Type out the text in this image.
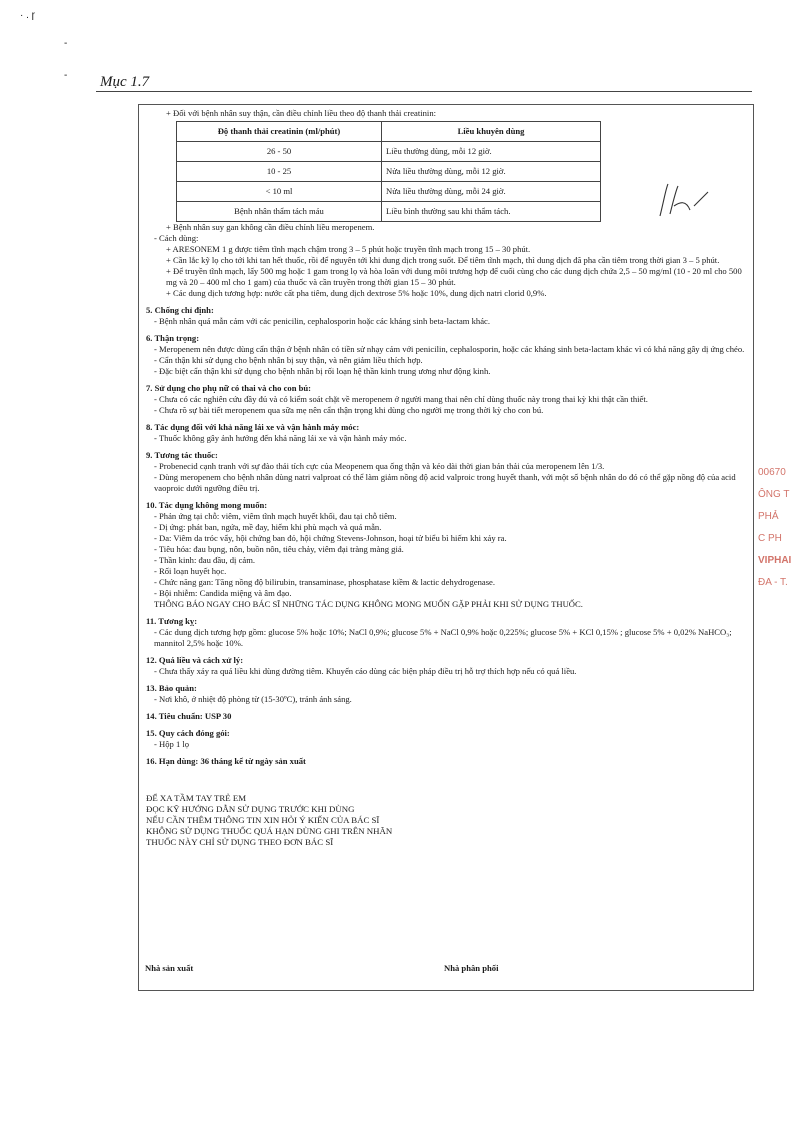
· . ɼ
-
- Mục 1.7
+ Đối với bệnh nhân suy thận, cần điều chỉnh liều theo độ thanh thải creatinin:
Độ thanh thải creatinin (ml/phút)	Liều khuyên dùng
26 - 50	Liều thường dùng, mỗi 12 giờ.
10 - 25	Nửa liều thường dùng, mỗi 12 giờ.
< 10 ml	Nửa liều thường dùng, mỗi 24 giờ.
Bệnh nhân thẩm tách máu	Liều bình thường sau khi thẩm tách.
+ Bệnh nhân suy gan không cần điều chỉnh liều meropenem.
- Cách dùng:
+ ARESONEM 1 g được tiêm tĩnh mạch chậm trong 3 – 5 phút hoặc truyền tĩnh mạch trong 15 – 30 phút.
+ Cần lắc kỹ lọ cho tới khi tan hết thuốc, rồi để nguyên tới khi dung dịch trong suốt. Để tiêm tĩnh mạch, thì dung dịch đã pha cần tiêm trong thời gian 3 – 5 phút.
+ Để truyền tĩnh mạch, lấy 500 mg hoặc 1 gam trong lọ và hòa loãn với dung môi trương hợp để cuối cùng cho các dung dịch chứa 2,5 – 50 mg/ml (10 - 20 ml cho 500 mg và 20 – 400 ml cho 1 gam) của thuốc và cần truyền trong thời gian 15 – 30 phút.
+ Các dung dịch tương hợp: nước cất pha tiêm, dung dịch dextrose 5% hoặc 10%, dung dịch natri clorid 0,9%.
5. Chống chỉ định:
- Bệnh nhân quá mẫn cảm với các penicilin, cephalosporin hoặc các kháng sinh beta-lactam khác.
6. Thận trọng:
- Meropenem nên được dùng cẩn thận ở bệnh nhân có tiền sử nhạy cảm với penicilin, cephalosporin, hoặc các kháng sinh beta-lactam khác vì có khả năng gây dị ứng chéo.
- Cẩn thận khi sử dụng cho bệnh nhân bị suy thận, và nên giảm liều thích hợp.
- Đặc biệt cẩn thận khi sử dụng cho bệnh nhân bị rối loạn hệ thần kinh trung ương như động kinh.
7. Sử dụng cho phụ nữ có thai và cho con bú:
- Chưa có các nghiên cứu đầy đủ và có kiểm soát chặt về meropenem ở người mang thai nên chỉ dùng thuốc này trong thai kỳ khi thật cần thiết.
- Chưa rõ sự bài tiết meropenem qua sữa mẹ nên cẩn thận trọng khi dùng cho người mẹ trong thời kỳ cho con bú.
8. Tác dụng đối với khả năng lái xe và vận hành máy móc:
- Thuốc không gây ảnh hưởng đến khả năng lái xe và vận hành máy móc.
9. Tương tác thuốc:
- Probenecid cạnh tranh với sự đào thải tích cực của Meopenem qua ống thận và kéo dài thời gian bán thải của meropenem lên 1/3.
- Dùng meropenem cho bệnh nhân dùng natri valproat có thể làm giảm nồng độ acid valproic trong huyết thanh, với một số bệnh nhân do đó có thể gặp nồng độ của acid vaoproic dưới ngưỡng điều trị.
10. Tác dụng không mong muốn:
- Phản ứng tại chỗ: viêm, viêm tĩnh mạch huyết khối, đau tại chỗ tiêm.
- Dị ứng: phát ban, ngứa, mề đay, hiếm khi phù mạch và quá mẫn.
- Da: Viêm da tróc vẩy, hội chứng ban đỏ, hội chứng Stevens-Johnson, hoại tử biểu bì hiếm khi xảy ra.
- Tiêu hóa: đau bụng, nôn, buồn nôn, tiêu chảy, viêm đại tràng màng giả.
- Thần kinh: đau đầu, dị cảm.
- Rối loạn huyết học.
- Chức năng gan: Tăng nồng độ bilirubin, transaminase, phosphatase kiềm & lactic dehydrogenase.
- Bội nhiễm: Candida miệng và âm đạo.
THÔNG BÁO NGAY CHO BÁC SĨ NHỮNG TÁC DỤNG KHÔNG MONG MUỐN GẶP PHẢI KHI SỬ DỤNG THUỐC.
11. Tương kỵ:
- Các dung dịch tương hợp gồm: glucose 5% hoặc 10%; NaCl 0,9%; glucose 5% + NaCl 0,9% hoặc 0,225%; glucose 5% + KCl 0,15% ; glucose 5% + 0,02% NaHCO₃; mannitol 2,5% hoặc 10%.
12. Quá liều và cách xử lý:
- Chưa thấy xảy ra quá liều khi dùng đường tiêm. Khuyến cáo dùng các biện pháp điều trị hỗ trợ thích hợp nếu có quá liều.
13. Bảo quản:
- Nơi khô, ở nhiệt độ phòng từ (15-30ºC), tránh ánh sáng.
14. Tiêu chuẩn: USP 30
15. Quy cách đóng gói:
- Hộp 1 lọ
16. Hạn dùng: 36 tháng kể từ ngày sản xuất
ĐỂ XA TẦM TAY TRẺ EM
ĐỌC KỸ HƯỚNG DẪN SỬ DỤNG TRƯỚC KHI DÙNG
NẾU CẦN THÊM THÔNG TIN XIN HỎI Ý KIẾN CỦA BÁC SĨ
KHÔNG SỬ DỤNG THUỐC QUÁ HẠN DÙNG GHI TRÊN NHÃN
THUỐC NÀY CHỈ SỬ DỤNG THEO ĐƠN BÁC SĨ
Nhà sản xuất	Nhà phân phối
00670
ÔNG T
PHẢ
C PH
VIPHAI
ĐA - T.
